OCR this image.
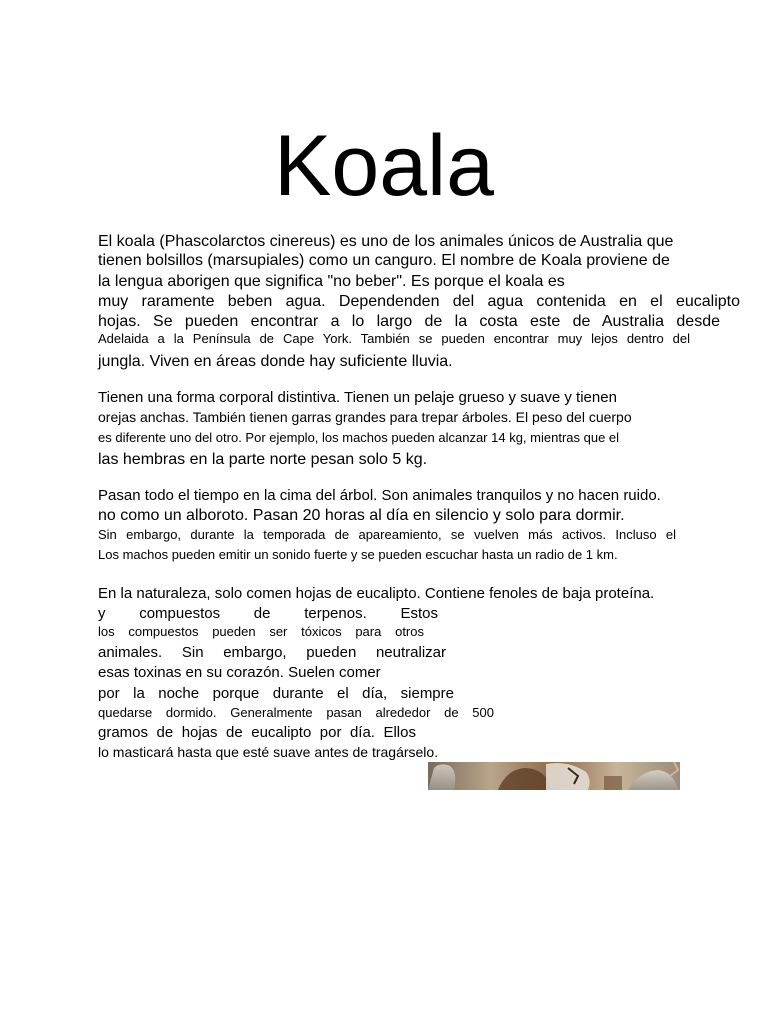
Koala

El koala (Phascolarctos cinereus) es uno de los animales únicos de Australia que

tienen bolsillos (marsupiales) como un canguro. El nombre de Koala proviene de

la lengua aborigen que significa "no beber". Es porque el koala es

muy raramente beben agua. Dependenden del agua contenida en el eucalipto

hojas. Se pueden encontrar a lo largo de la costa este de Australia desde

Adelaida a la Península de Cape York. También se pueden encontrar muy lejos dentro del

jungla. Viven en áreas donde hay suficiente lluvia.

Tienen una forma corporal distintiva. Tienen un pelaje grueso y suave y tienen

orejas anchas. También tienen garras grandes para trepar árboles. El peso del cuerpo

es diferente uno del otro. Por ejemplo, los machos pueden alcanzar 14 kg, mientras que el

las hembras en la parte norte pesan solo 5 kg.

Pasan todo el tiempo en la cima del árbol. Son animales tranquilos y no hacen ruido.

no como un alboroto. Pasan 20 horas al día en silencio y solo para dormir.

Sin embargo, durante la temporada de apareamiento, se vuelven más activos. Incluso el

Los machos pueden emitir un sonido fuerte y se pueden escuchar hasta un radio de 1 km.

En la naturaleza, solo comen hojas de eucalipto. Contiene fenoles de baja proteína.

y compuestos de terpenos. Estos

los compuestos pueden ser tóxicos para otros

animales. Sin embargo, pueden neutralizar

esas toxinas en su corazón. Suelen comer

por la noche porque durante el día, siempre

quedarse dormido. Generalmente pasan alrededor de 500

gramos de hojas de eucalipto por día. Ellos

lo masticará hasta que esté suave antes de tragárselo.
